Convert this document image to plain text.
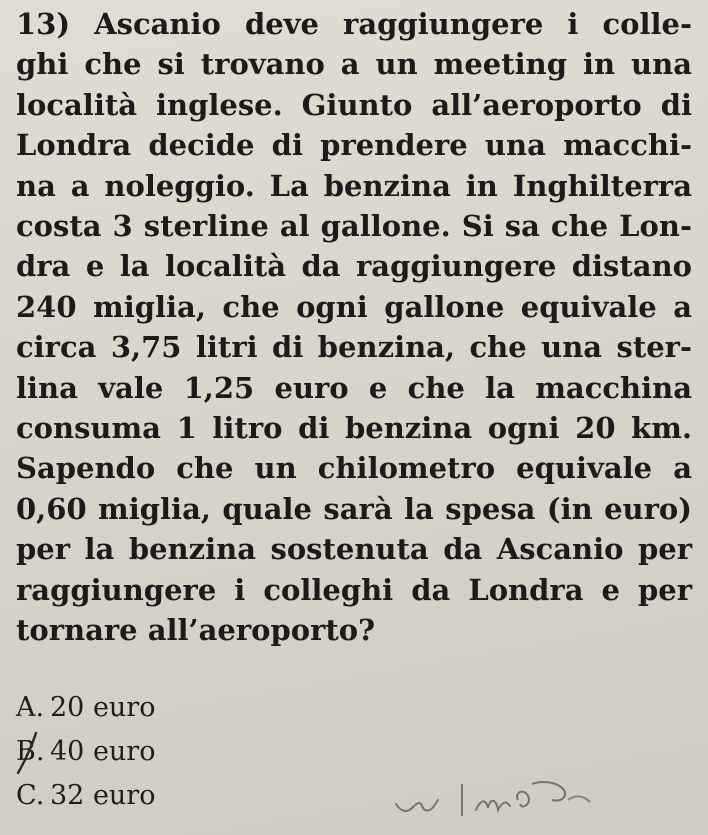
13) Ascanio deve raggiungere i colle-
ghi che si trovano a un meeting in una
località inglese. Giunto all’aeroporto di
Londra decide di prendere una macchi-
na a noleggio. La benzina in Inghilterra
costa 3 sterline al gallone. Si sa che Lon-
dra e la località da raggiungere distano
240 miglia, che ogni gallone equivale a
circa 3,75 litri di benzina, che una ster-
lina vale 1,25 euro e che la macchina
consuma 1 litro di benzina ogni 20 km.
Sapendo che un chilometro equivale a
0,60 miglia, quale sarà la spesa (in euro)
per la benzina sostenuta da Ascanio per
raggiungere i colleghi da Londra e per
tornare all’aeroporto?
A. 20 euro
B. 40 euro
C. 32 euro
